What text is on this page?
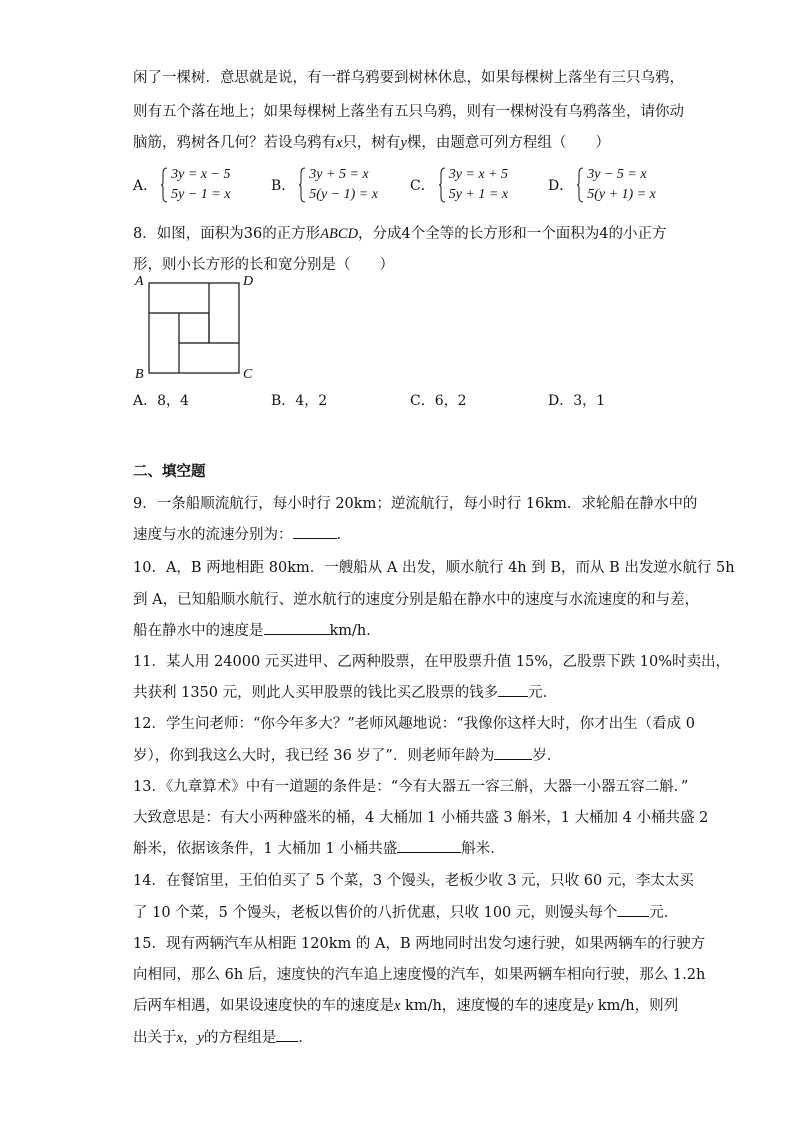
闲了一棵树．意思就是说，有一群乌鸦要到树林休息，如果每棵树上落坐有三只乌鸦，
则有五个落在地上；如果每棵树上落坐有五只乌鸦，则有一棵树没有乌鸦落坐，请你动
脑筋，鸦树各几何？若设乌鸦有x只，树有y棵，由题意可列方程组（　　）
A．
3y = x − 5
5y − 1 = x
B．
3y + 5 = x
5(y − 1) = x
C．
3y = x + 5
5y + 1 = x
D．
3y − 5 = x
5(y + 1) = x
8．如图，面积为36的正方形ABCD，分成4个全等的长方形和一个面积为4的小正方
形，则小长方形的长和宽分别是（　　）
A	D
B	C
A．8，4	B．4，2	C．6，2	D．3，1
二、填空题
9．一条船顺流航行，每小时行 20km；逆流航行，每小时行 16km．求轮船在静水中的
速度与水的流速分别为：	．
10．A，B 两地相距 80km．一艘船从 A 出发，顺水航行 4h 到 B，而从 B 出发逆水航行 5h
到 A，已知船顺水航行、逆水航行的速度分别是船在静水中的速度与水流速度的和与差，
船在静水中的速度是	km/h．
11．某人用 24000 元买进甲、乙两种股票，在甲股票升值 15%，乙股票下跌 10%时卖出，
共获利 1350 元，则此人买甲股票的钱比买乙股票的钱多 元．
12．学生问老师：“你今年多大？”老师风趣地说：“我像你这样大时，你才出生（看成 0
岁），你到我这么大时，我已经 36 岁了”．则老师年龄为	岁．
13．《九章算术》中有一道题的条件是：“今有大器五一容三斛，大器一小器五容二斛．”
大致意思是：有大小两种盛米的桶，4 大桶加 1 小桶共盛 3 斛米，1 大桶加 4 小桶共盛 2
斛米，依据该条件，1 大桶加 1 小桶共盛	斛米．
14．在餐馆里，王伯伯买了 5 个菜，3 个馒头，老板少收 3 元，只收 60 元，李太太买
了 10 个菜，5 个馒头，老板以售价的八折优惠，只收 100 元，则馒头每个 元．
15．现有两辆汽车从相距 120km 的 A，B 两地同时出发匀速行驶，如果两辆车的行驶方
向相同，那么 6h 后，速度快的汽车追上速度慢的汽车，如果两辆车相向行驶，那么 1.2h
后两车相遇，如果设速度快的车的速度是x km/h，速度慢的车的速度是y km/h，则列
出关于x，y的方程组是 ．
